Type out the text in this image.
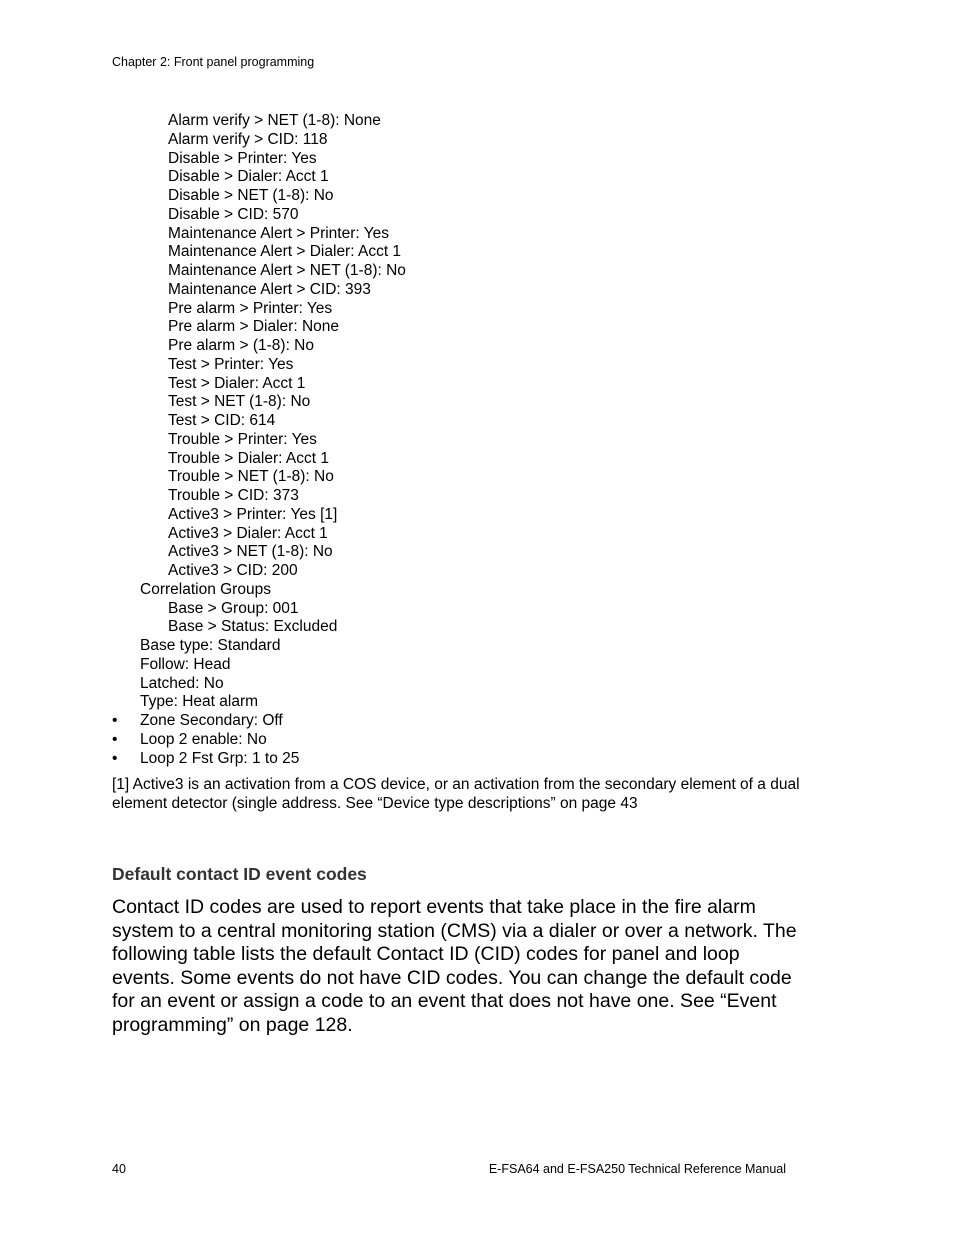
Chapter 2: Front panel programming
Alarm verify > NET (1-8): None
Alarm verify > CID: 118
Disable > Printer: Yes
Disable > Dialer: Acct 1
Disable > NET (1-8): No
Disable > CID: 570
Maintenance Alert > Printer: Yes
Maintenance Alert > Dialer: Acct 1
Maintenance Alert > NET (1-8): No
Maintenance Alert > CID: 393
Pre alarm > Printer: Yes
Pre alarm > Dialer: None
Pre alarm > (1-8): No
Test > Printer: Yes
Test > Dialer: Acct 1
Test > NET (1-8): No
Test > CID: 614
Trouble > Printer: Yes
Trouble > Dialer: Acct 1
Trouble > NET (1-8): No
Trouble > CID: 373
Active3 > Printer: Yes [1]
Active3 > Dialer: Acct 1
Active3 > NET (1-8): No
Active3 > CID: 200
Correlation Groups
Base > Group: 001
Base > Status: Excluded
Base type: Standard
Follow: Head
Latched: No
Type: Heat alarm
• Zone Secondary: Off
• Loop 2 enable: No
• Loop 2 Fst Grp: 1 to 25
[1] Active3 is an activation from a COS device, or an activation from the secondary element of a dual element detector (single address. See “Device type descriptions” on page 43
Default contact ID event codes
Contact ID codes are used to report events that take place in the fire alarm system to a central monitoring station (CMS) via a dialer or over a network. The following table lists the default Contact ID (CID) codes for panel and loop events. Some events do not have CID codes. You can change the default code for an event or assign a code to an event that does not have one. See “Event programming” on page 128.
40	E-FSA64 and E-FSA250 Technical Reference Manual
